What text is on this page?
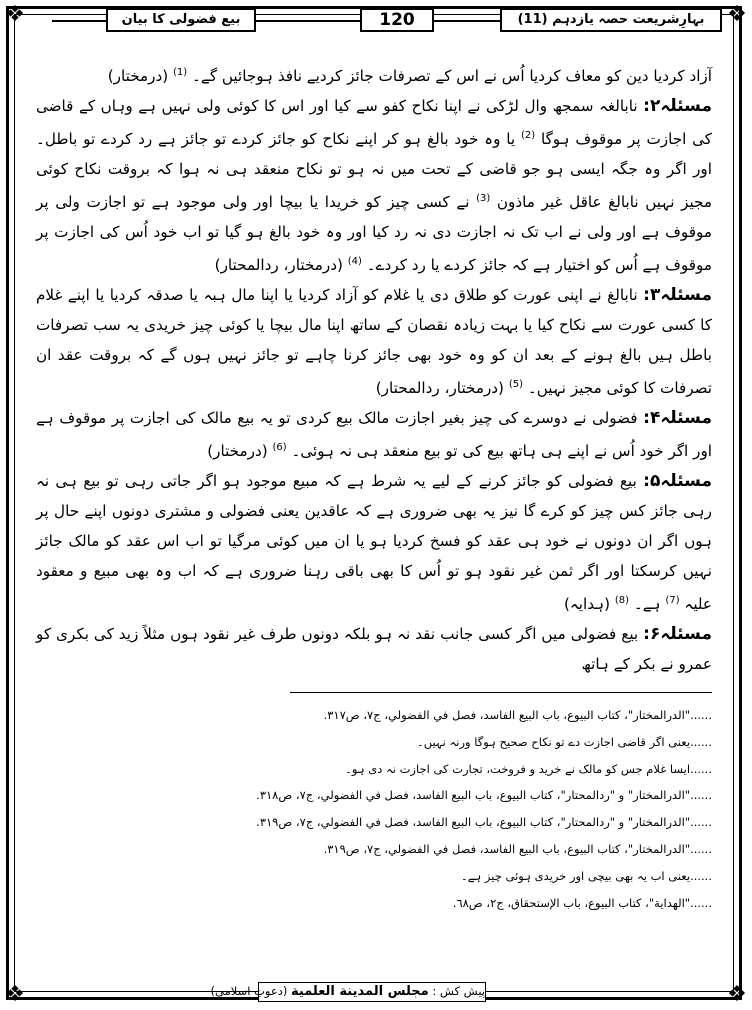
❖	❖
❖	❖
بہارِشریعت حصہ یازدہم (11)
120
بیع فضولی کا بیان

آزاد کردیا دین کو معاف کردیا اُس نے اس کے تصرفات جائز کردیے نافذ ہوجائیں گے۔ $^{(1)}$ (درمختار)

مسئلہ۲: نابالغہ سمجھ وال لڑکی نے اپنا نکاح کفو سے کیا اور اس کا کوئی ولی نہیں ہے وہاں کے قاضی کی اجازت پر موقوف ہوگا $^{(2)}$ یا وہ خود بالغ ہو کر اپنے نکاح کو جائز کردے تو جائز ہے رد کردے تو باطل۔ اور اگر وہ جگہ ایسی ہو جو قاضی کے تحت میں نہ ہو تو نکاح منعقد ہی نہ ہوا کہ بروقت نکاح کوئی مجیز نہیں نابالغ عاقل غیر ماذون $^{(3)}$ نے کسی چیز کو خریدا یا بیچا اور ولی موجود ہے تو اجازت ولی پر موقوف ہے اور ولی نے اب تک نہ اجازت دی نہ رد کیا اور وہ خود بالغ ہو گیا تو اب خود اُس کی اجازت پر موقوف ہے اُس کو اختیار ہے کہ جائز کردے یا رد کردے۔ $^{(4)}$ (درمختار، ردالمحتار)

مسئلہ۳: نابالغ نے اپنی عورت کو طلاق دی یا غلام کو آزاد کردیا یا اپنا مال ہبہ یا صدقہ کردیا یا اپنے غلام کا کسی عورت سے نکاح کیا یا بہت زیادہ نقصان کے ساتھ اپنا مال بیچا یا کوئی چیز خریدی یہ سب تصرفات باطل ہیں بالغ ہونے کے بعد ان کو وہ خود بھی جائز کرنا چاہے تو جائز نہیں ہوں گے کہ بروقت عقد ان تصرفات کا کوئی مجیز نہیں۔ $^{(5)}$ (درمختار، ردالمحتار)

مسئلہ۴: فضولی نے دوسرے کی چیز بغیر اجازت مالک بیع کردی تو یہ بیع مالک کی اجازت پر موقوف ہے اور اگر خود اُس نے اپنے ہی ہاتھ بیع کی تو بیع منعقد ہی نہ ہوئی۔ $^{(6)}$ (درمختار)

مسئلہ۵: بیع فضولی کو جائز کرنے کے لیے یہ شرط ہے کہ مبیع موجود ہو اگر جاتی رہی تو بیع ہی نہ رہی جائز کس چیز کو کرے گا نیز یہ بھی ضروری ہے کہ عاقدین یعنی فضولی و مشتری دونوں اپنے حال پر ہوں اگر ان دونوں نے خود ہی عقد کو فسخ کردیا ہو یا ان میں کوئی مرگیا تو اب اس عقد کو مالک جائز نہیں کرسکتا اور اگر ثمن غیر نقود ہو تو اُس کا بھی باقی رہنا ضروری ہے کہ اب وہ بھی مبیع و معقود علیہ $^{(7)}$ ہے۔ $^{(8)}$ (ہدایہ)

مسئلہ۶: بیع فضولی میں اگر کسی جانب نقد نہ ہو بلکہ دونوں طرف غیر نقود ہوں مثلاً زید کی بکری کو عمرو نے بکر کے ہاتھ

......"الدرالمختار"، كتاب البيوع، باب البيع الفاسد، فصل في الفضولي، ج٧، ص٣١٧.
......یعنی اگر قاضی اجازت دے تو نکاح صحیح ہوگا ورنہ نہیں۔
......ایسا غلام جس کو مالک نے خرید و فروخت، تجارت کی اجازت نہ دی ہو۔
......"الدرالمختار" و "ردالمحتار"، كتاب البيوع، باب البيع الفاسد، فصل في الفضولي، ج٧، ص٣١٨.
......"الدرالمختار" و "ردالمحتار"، كتاب البيوع، باب البيع الفاسد، فصل في الفضولي، ج٧، ص٣١٩.
......"الدرالمختار"، كتاب البيوع، باب البيع الفاسد، فصل في الفضولي، ج٧، ص٣١٩.
......یعنی اب یہ بھی بیچی اور خریدی ہوئی چیز ہے۔
......"الهداية"، كتاب البيوع، باب الإستحقاق، ج٢، ص٦٨.
پیش کش : مجلس المدينة العلمية (دعوتِ اسلامی)
